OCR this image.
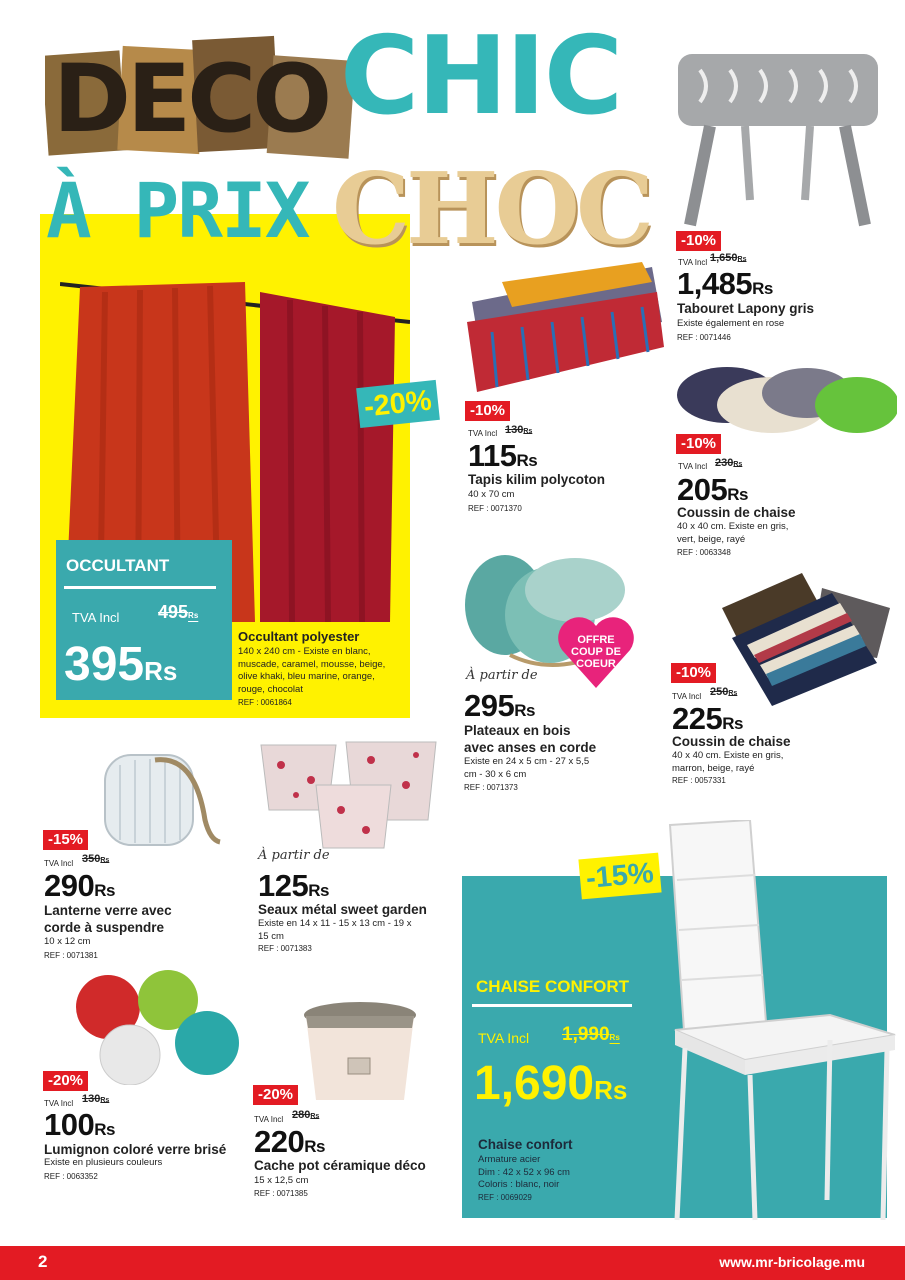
DECO CHIC
À PRIX CHOC
-20%
OCCULTANT
TVA Incl 495Rs
395Rs
Occultant polyester
140 x 240 cm - Existe en blanc, muscade, caramel, mousse, beige, olive khaki, bleu marine, orange, rouge, chocolat
REF : 0061864
-10%
TVA Incl 1,650Rs
1,485Rs
Tabouret Lapony gris
Existe également en rose
REF : 0071446
-10%
TVA Incl 130Rs
115Rs
Tapis kilim polycoton
40 x 70 cm
REF : 0071370
-10%
TVA Incl 230Rs
205Rs
Coussin de chaise
40 x 40 cm. Existe en gris, vert, beige, rayé
REF : 0063348
OFFRE COUP DE COEUR
À partir de
295Rs
Plateaux en bois avec anses en corde
Existe en 24 x 5 cm - 27 x 5,5 cm - 30 x 6 cm
REF : 0071373
-10%
TVA Incl 250Rs
225Rs
Coussin de chaise
40 x 40 cm. Existe en gris, marron, beige, rayé
REF : 0057331
-15%
TVA Incl 350Rs
290Rs
Lanterne verre avec corde à suspendre
10 x 12 cm
REF : 0071381
À partir de
125Rs
Seaux métal sweet garden
Existe en 14 x 11 - 15 x 13 cm - 19 x 15 cm
REF : 0071383
-15%
CHAISE CONFORT
TVA Incl 1,990Rs
1,690Rs
Chaise confort
Armature acier
Dim : 42 x 52 x 96 cm
Coloris : blanc, noir
REF : 0069029
-20%
TVA Incl 130Rs
100Rs
Lumignon coloré verre brisé
Existe en plusieurs couleurs
REF : 0063352
-20%
TVA Incl 280Rs
220Rs
Cache pot céramique déco
15 x 12,5 cm
REF : 0071385
2	www.mr-bricolage.mu
